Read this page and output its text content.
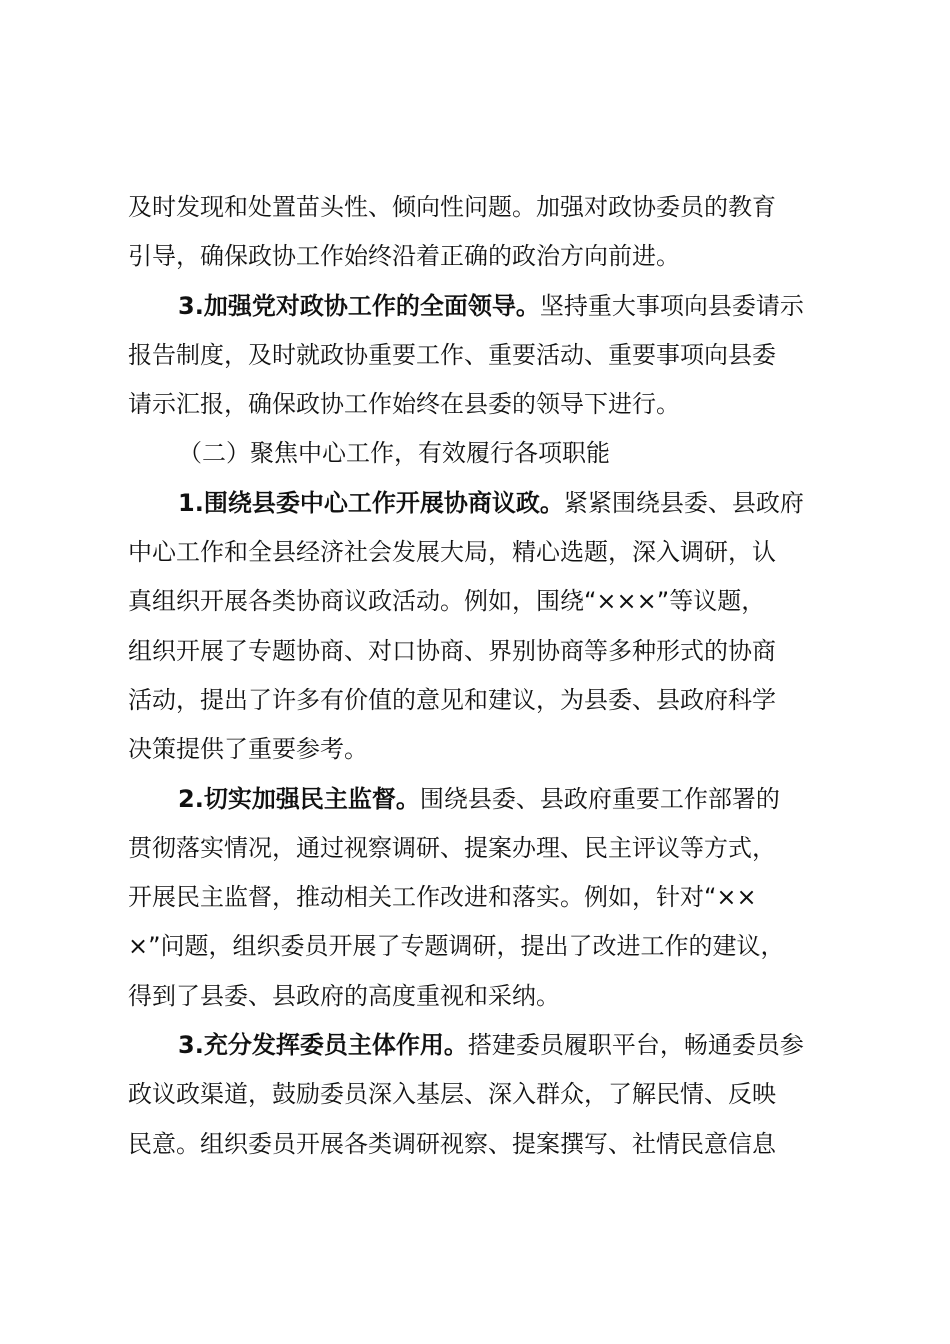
及时发现和处置苗头性、倾向性问题。加强对政协委员的教育
引导，确保政协工作始终沿着正确的政治方向前进。
3.加强党对政协工作的全面领导。坚持重大事项向县委请示
报告制度，及时就政协重要工作、重要活动、重要事项向县委
请示汇报，确保政协工作始终在县委的领导下进行。
（二）聚焦中心工作，有效履行各项职能
1.围绕县委中心工作开展协商议政。紧紧围绕县委、县政府
中心工作和全县经济社会发展大局，精心选题，深入调研，认
真组织开展各类协商议政活动。例如，围绕“×××”等议题，
组织开展了专题协商、对口协商、界别协商等多种形式的协商
活动，提出了许多有价值的意见和建议，为县委、县政府科学
决策提供了重要参考。
2.切实加强民主监督。围绕县委、县政府重要工作部署的
贯彻落实情况，通过视察调研、提案办理、民主评议等方式，
开展民主监督，推动相关工作改进和落实。例如，针对“××
×”问题，组织委员开展了专题调研，提出了改进工作的建议，
得到了县委、县政府的高度重视和采纳。
3.充分发挥委员主体作用。搭建委员履职平台，畅通委员参
政议政渠道，鼓励委员深入基层、深入群众，了解民情、反映
民意。组织委员开展各类调研视察、提案撰写、社情民意信息
